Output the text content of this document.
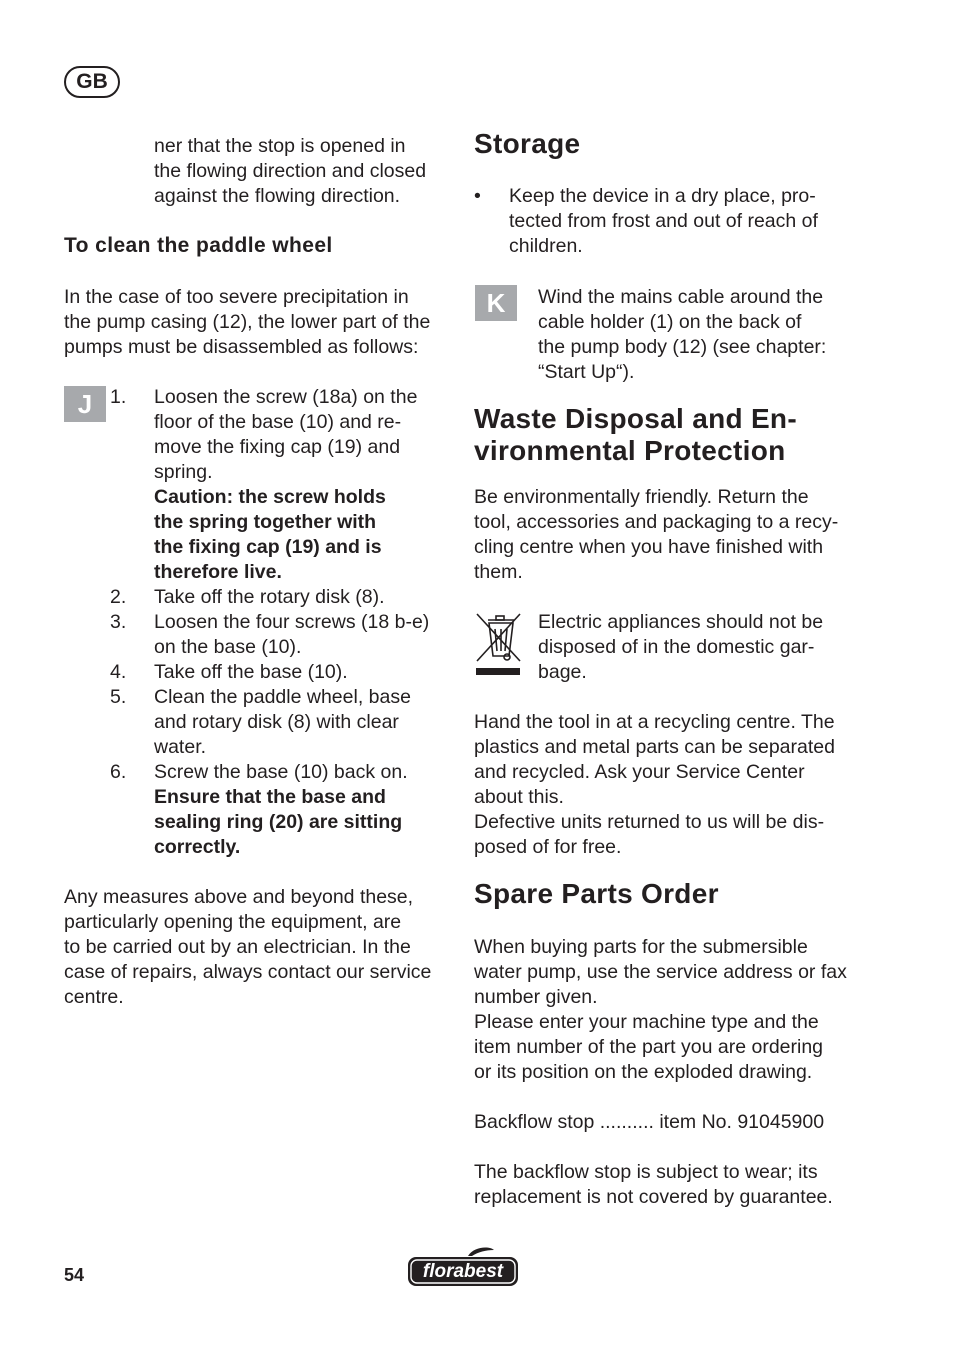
GB
ner that the stop is opened in
the flowing direction and closed
against the flowing direction.
To clean the paddle wheel
In the case of too severe precipitation in
the pump casing (12), the lower part of the
pumps must be disassembled as follows:
J 1.	Loosen the screw (18a) on the
floor of the base (10) and re-
move the fixing cap (19) and
spring.
Caution: the screw holds
the spring together with
the fixing cap (19) and is
therefore live.
2.	Take off the rotary disk (8).
3.	Loosen the four screws (18 b-e)
on the base (10).
4.	Take off the base (10).
5.	Clean the paddle wheel, base
and rotary disk (8) with clear
water.
6.	Screw the base (10) back on.
Ensure that the base and
sealing ring (20) are sitting
correctly.
Any measures above and beyond these,
particularly opening the equipment, are
to be carried out by an electrician. In the
case of repairs, always contact our service
centre.
Storage
•	Keep the device in a dry place, pro-
tected from frost and out of reach of
children.
K	Wind the mains cable around the
cable holder (1) on the back of
the pump body (12) (see chapter:
“Start Up“).
Waste Disposal and En-
vironmental Protection
Be environmentally friendly. Return the
tool, accessories and packaging to a recy-
cling centre when you have finished with
them.
Electric appliances should not be
disposed of in the domestic gar-
bage.
Hand the tool in at a recycling centre. The
plastics and metal parts can be separated
and recycled. Ask your Service Center
about this.
Defective units returned to us will be dis-
posed of for free.
Spare Parts Order
When buying parts for the submersible
water pump, use the service address or fax
number given.
Please enter your machine type and the
item number of the part you are ordering
or its position on the exploded drawing.
Backflow stop .......... item No. 91045900
The backflow stop is subject to wear; its
replacement is not covered by guarantee.
54	florabest
